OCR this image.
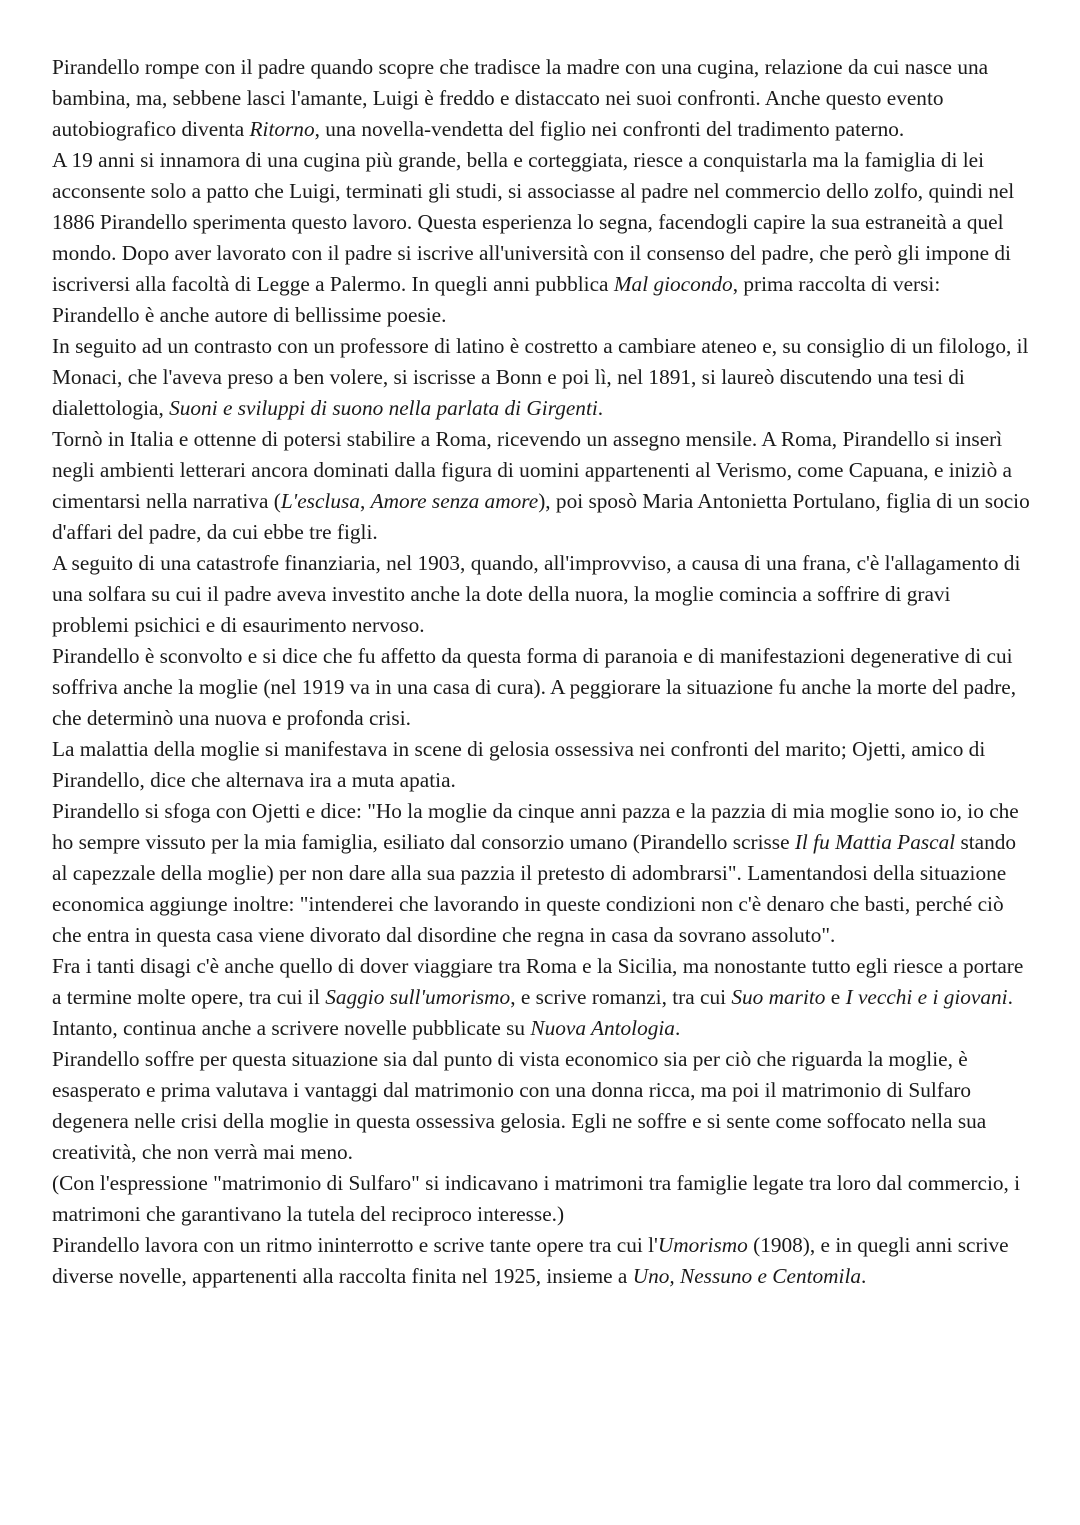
Pirandello rompe con il padre quando scopre che tradisce la madre con una cugina, relazione da cui nasce una bambina, ma, sebbene lasci l'amante, Luigi è freddo e distaccato nei suoi confronti. Anche questo evento autobiografico diventa Ritorno, una novella-vendetta del figlio nei confronti del tradimento paterno.

A 19 anni si innamora di una cugina più grande, bella e corteggiata, riesce a conquistarla ma la famiglia di lei acconsente solo a patto che Luigi, terminati gli studi, si associasse al padre nel commercio dello zolfo, quindi nel 1886 Pirandello sperimenta questo lavoro. Questa esperienza lo segna, facendogli capire la sua estraneità a quel mondo. Dopo aver lavorato con il padre si iscrive all'università con il consenso del padre, che però gli impone di iscriversi alla facoltà di Legge a Palermo. In quegli anni pubblica Mal giocondo, prima raccolta di versi: Pirandello è anche autore di bellissime poesie.

In seguito ad un contrasto con un professore di latino è costretto a cambiare ateneo e, su consiglio di un filologo, il Monaci, che l'aveva preso a ben volere, si iscrisse a Bonn e poi lì, nel 1891, si laureò discutendo una tesi di dialettologia, Suoni e sviluppi di suono nella parlata di Girgenti.

Tornò in Italia e ottenne di potersi stabilire a Roma, ricevendo un assegno mensile. A Roma, Pirandello si inserì negli ambienti letterari ancora dominati dalla figura di uomini appartenenti al Verismo, come Capuana, e iniziò a cimentarsi nella narrativa (L'esclusa, Amore senza amore), poi sposò Maria Antonietta Portulano, figlia di un socio d'affari del padre, da cui ebbe tre figli.

A seguito di una catastrofe finanziaria, nel 1903, quando, all'improvviso, a causa di una frana, c'è l'allagamento di una solfara su cui il padre aveva investito anche la dote della nuora, la moglie comincia a soffrire di gravi problemi psichici e di esaurimento nervoso.

Pirandello è sconvolto e si dice che fu affetto da questa forma di paranoia e di manifestazioni degenerative di cui soffriva anche la moglie (nel 1919 va in una casa di cura). A peggiorare la situazione fu anche la morte del padre, che determinò una nuova e profonda crisi.

La malattia della moglie si manifestava in scene di gelosia ossessiva nei confronti del marito; Ojetti, amico di Pirandello, dice che alternava ira a muta apatia.

Pirandello si sfoga con Ojetti e dice: "Ho la moglie da cinque anni pazza e la pazzia di mia moglie sono io, io che ho sempre vissuto per la mia famiglia, esiliato dal consorzio umano (Pirandello scrisse Il fu Mattia Pascal stando al capezzale della moglie) per non dare alla sua pazzia il pretesto di adombrarsi". Lamentandosi della situazione economica aggiunge inoltre: "intenderei che lavorando in queste condizioni non c'è denaro che basti, perché ciò che entra in questa casa viene divorato dal disordine che regna in casa da sovrano assoluto".

Fra i tanti disagi c'è anche quello di dover viaggiare tra Roma e la Sicilia, ma nonostante tutto egli riesce a portare a termine molte opere, tra cui il Saggio sull'umorismo, e scrive romanzi, tra cui Suo marito e I vecchi e i giovani. Intanto, continua anche a scrivere novelle pubblicate su Nuova Antologia.

Pirandello soffre per questa situazione sia dal punto di vista economico sia per ciò che riguarda la moglie, è esasperato e prima valutava i vantaggi dal matrimonio con una donna ricca, ma poi il matrimonio di Sulfaro degenera nelle crisi della moglie in questa ossessiva gelosia. Egli ne soffre e si sente come soffocato nella sua creatività, che non verrà mai meno.

(Con l'espressione "matrimonio di Sulfaro" si indicavano i matrimoni tra famiglie legate tra loro dal commercio, i matrimoni che garantivano la tutela del reciproco interesse.)

Pirandello lavora con un ritmo ininterrotto e scrive tante opere tra cui l'Umorismo (1908), e in quegli anni scrive diverse novelle, appartenenti alla raccolta finita nel 1925, insieme a Uno, Nessuno e Centomila.
